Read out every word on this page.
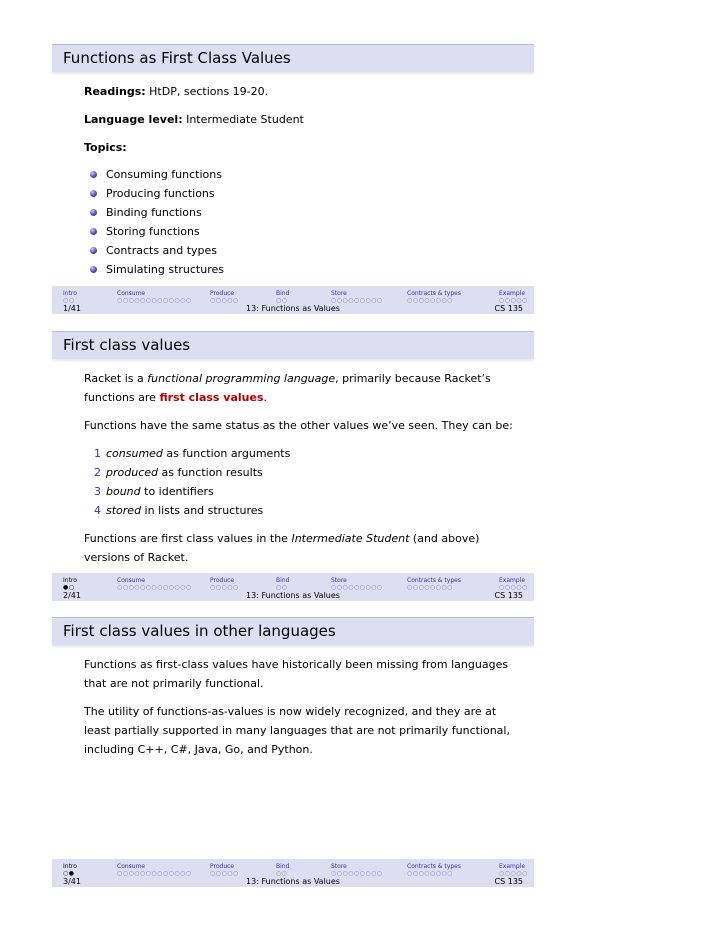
Functions as First Class Values

Readings: HtDP, sections 19-20.

Language level: Intermediate Student

Topics:

Consuming functions
Producing functions
Binding functions
Storing functions
Contracts and types
Simulating structures
Intro
○○
Consume
○○○○○○○○○○○○○
Produce
○○○○○
Bind
○○
Store
○○○○○○○○○
Contracts & types
○○○○○○○○
Example
○○○○○
1/41	13: Functions as Values	CS 135
First class values

Racket is a functional programming language, primarily because Racket’s functions are first class values.

Functions have the same status as the other values we’ve seen. They can be:

1 consumed as function arguments
2 produced as function results
3 bound to identifiers
4 stored in lists and structures

Functions are first class values in the Intermediate Student (and above) versions of Racket.

Intro
●○
Consume
○○○○○○○○○○○○○
Produce
○○○○○
Bind
○○
Store
○○○○○○○○○
Contracts & types
○○○○○○○○
Example
○○○○○
2/41	13: Functions as Values	CS 135
First class values in other languages

Functions as first-class values have historically been missing from languages that are not primarily functional.

The utility of functions-as-values is now widely recognized, and they are at least partially supported in many languages that are not primarily functional, including C++, C#, Java, Go, and Python.

Intro
○●
Consume
○○○○○○○○○○○○○
Produce
○○○○○
Bind
○○
Store
○○○○○○○○○
Contracts & types
○○○○○○○○
Example
○○○○○
3/41	13: Functions as Values	CS 135
